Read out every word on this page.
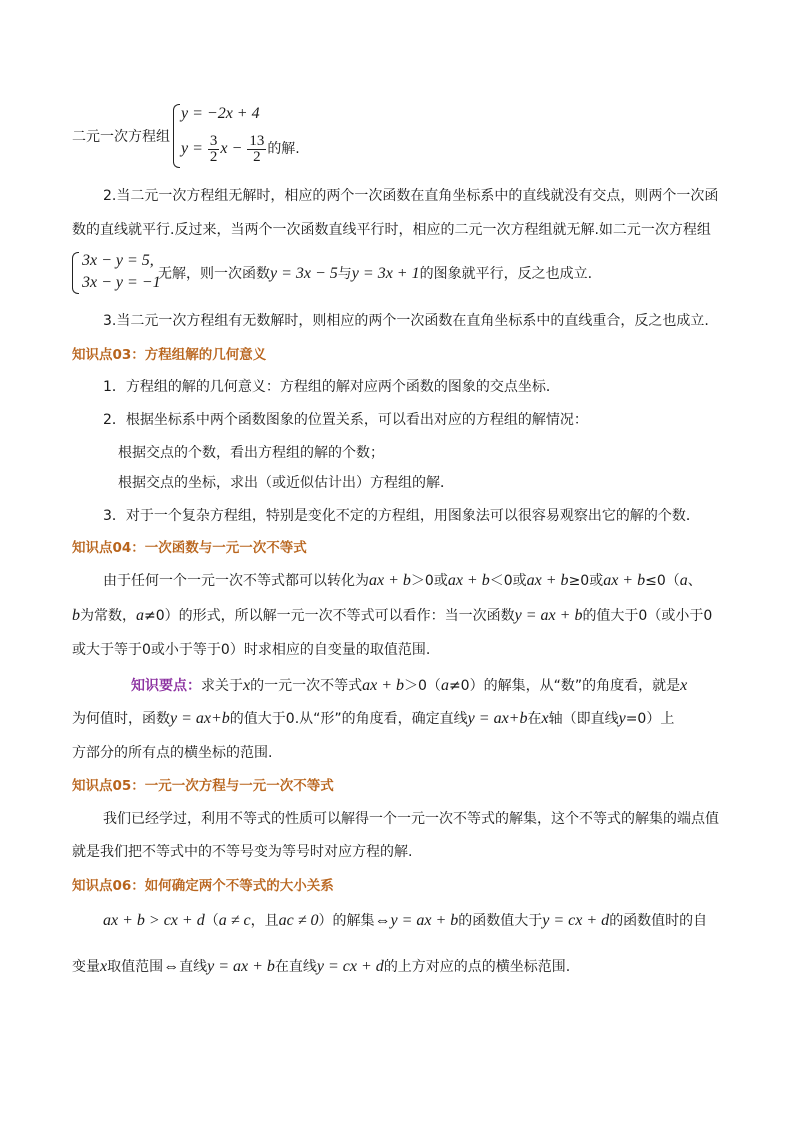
二元一次方程组
y = −2x + 4
$y = \frac{3}{2}$ $x - \frac{13}{2}$ 的解.
2.当二元一次方程组无解时，相应的两个一次函数在直角坐标系中的直线就没有交点，则两个一次函
数的直线就平行.反过来，当两个一次函数直线平行时，相应的二元一次方程组就无解.如二元一次方程组
3x − y = 5,
3x − y = −1
无解，则一次函数y = 3x − 5与y = 3x + 1的图象就平行，反之也成立.
3.当二元一次方程组有无数解时，则相应的两个一次函数在直角坐标系中的直线重合，反之也成立.
知识点03：方程组解的几何意义
1．方程组的解的几何意义：方程组的解对应两个函数的图象的交点坐标．
2．根据坐标系中两个函数图象的位置关系，可以看出对应的方程组的解情况：
根据交点的个数，看出方程组的解的个数；
根据交点的坐标，求出（或近似估计出）方程组的解．
3．对于一个复杂方程组，特别是变化不定的方程组，用图象法可以很容易观察出它的解的个数．
知识点04：一次函数与一元一次不等式
由于任何一个一元一次不等式都可以转化为ax + b＞0或ax + b＜0或ax + b≥0或ax + b≤0（a、
b为常数，a≠0）的形式，所以解一元一次不等式可以看作：当一次函数y = ax + b的值大于0（或小于0
或大于等于0或小于等于0）时求相应的自变量的取值范围.
知识要点：求关于x的一元一次不等式ax + b＞0（a≠0）的解集，从“数”的角度看，就是x
为何值时，函数y = ax+b的值大于0.从“形”的角度看，确定直线y = ax+b在x轴（即直线y=0）上
方部分的所有点的横坐标的范围.
知识点05：一元一次方程与一元一次不等式
我们已经学过，利用不等式的性质可以解得一个一元一次不等式的解集，这个不等式的解集的端点值
就是我们把不等式中的不等号变为等号时对应方程的解.
知识点06：如何确定两个不等式的大小关系
ax + b > cx + d（a ≠ c，且ac ≠ 0）的解集⇔y = ax + b的函数值大于y = cx + d的函数值时的自
变量x取值范围⇔直线y = ax + b在直线y = cx + d的上方对应的点的横坐标范围.
